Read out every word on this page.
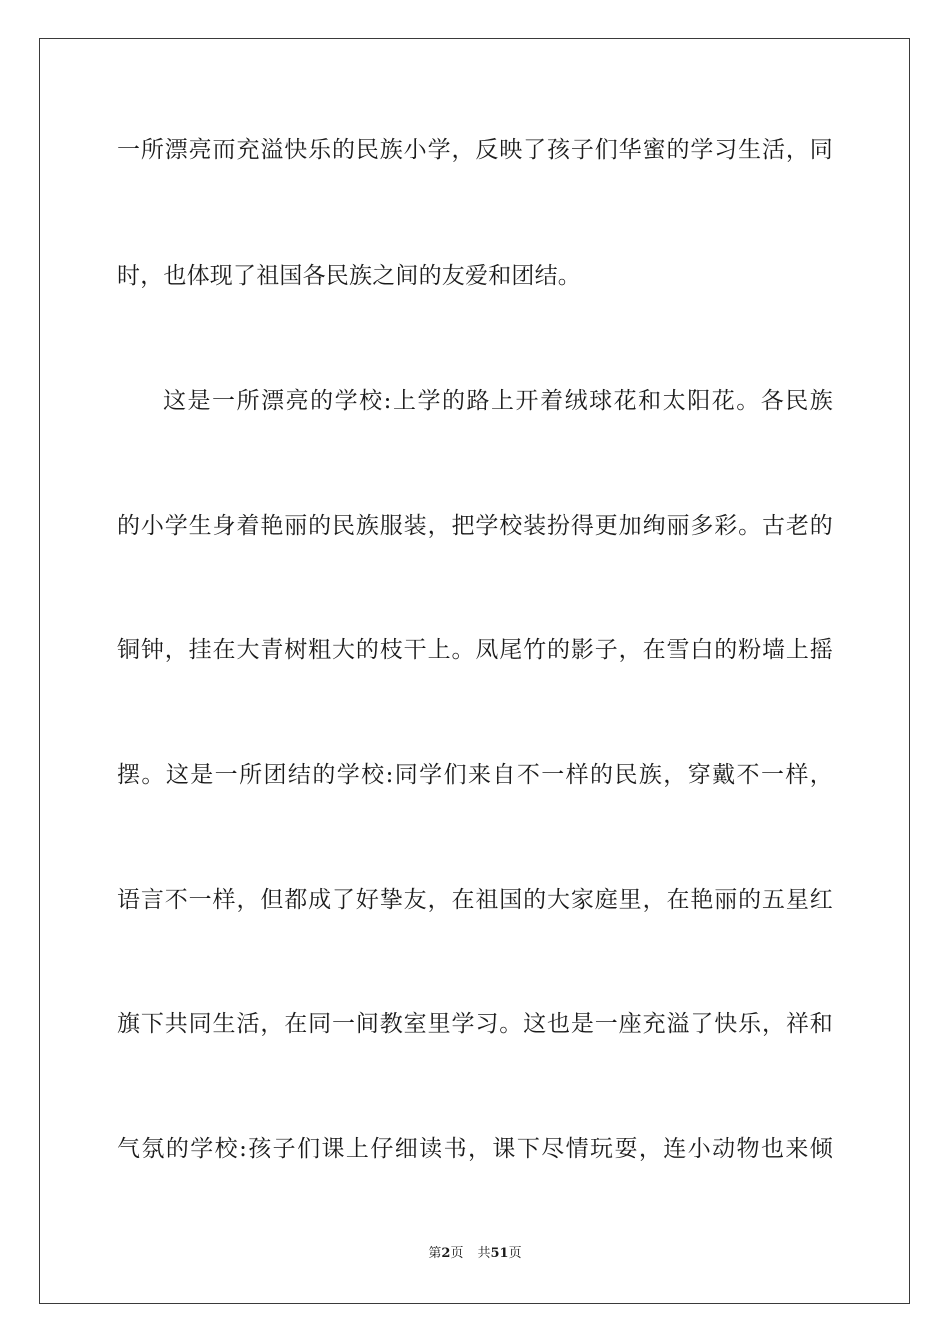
一所漂亮而充溢快乐的民族小学，反映了孩子们华蜜的学习生活，同
时，也体现了祖国各民族之间的友爱和团结。
这是一所漂亮的学校:上学的路上开着绒球花和太阳花。各民族
的小学生身着艳丽的民族服装，把学校装扮得更加绚丽多彩。古老的
铜钟，挂在大青树粗大的枝干上。凤尾竹的影子，在雪白的粉墙上摇
摆。这是一所团结的学校:同学们来自不一样的民族，穿戴不一样，
语言不一样，但都成了好挚友，在祖国的大家庭里，在艳丽的五星红
旗下共同生活，在同一间教室里学习。这也是一座充溢了快乐，祥和
气氛的学校:孩子们课上仔细读书，课下尽情玩耍，连小动物也来倾
第2页 共51页
